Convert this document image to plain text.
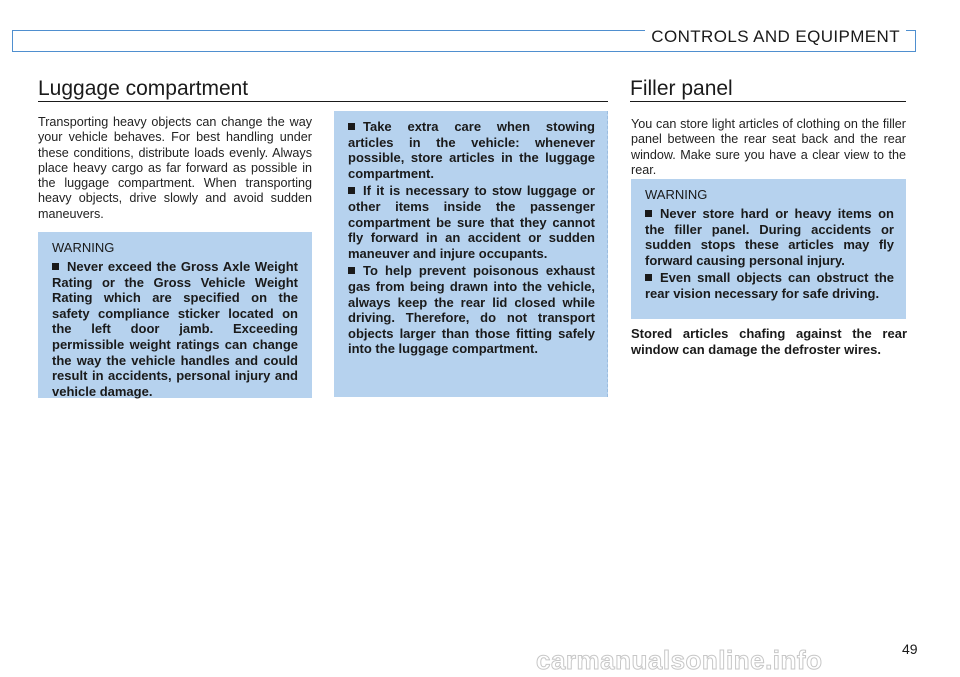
CONTROLS AND EQUIPMENT
Luggage compartment
Transporting heavy objects can change the way your vehicle behaves. For best handling under these conditions, distribute loads evenly. Always place heavy cargo as far forward as possible in the luggage compartment. When transporting heavy objects, drive slowly and avoid sudden maneuvers.
WARNING
Never exceed the Gross Axle Weight Rating or the Gross Vehicle Weight Rating which are specified on the safety compliance sticker located on the left door jamb. Exceeding permissible weight ratings can change the way the vehicle handles and could result in accidents, personal injury and vehicle damage.
Take extra care when stowing articles in the vehicle: whenever possible, store articles in the luggage compartment.
If it is necessary to stow luggage or other items inside the passenger compartment be sure that they cannot fly forward in an accident or sudden maneuver and injure occupants.
To help prevent poisonous exhaust gas from being drawn into the vehicle, always keep the rear lid closed while driving. Therefore, do not transport objects larger than those fitting safely into the luggage compartment.
Filler panel
You can store light articles of clothing on the filler panel between the rear seat back and the rear window. Make sure you have a clear view to the rear.
WARNING
Never store hard or heavy items on the filler panel. During accidents or sudden stops these articles may fly forward causing personal injury.
Even small objects can obstruct the rear vision necessary for safe driving.
Stored articles chafing against the rear window can damage the defroster wires.
49
carmanualsonline.info
